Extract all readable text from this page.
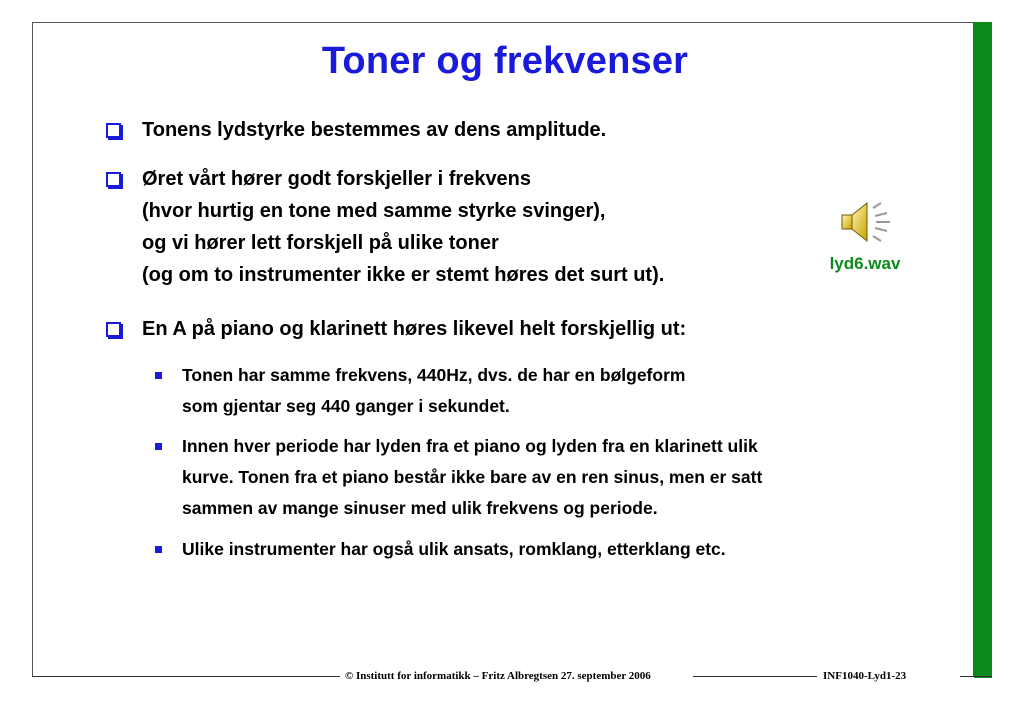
Toner og frekvenser
Tonens lydstyrke bestemmes av dens amplitude.
Øret vårt hører godt forskjeller i frekvens
(hvor hurtig en tone med samme styrke svinger),
og vi hører lett forskjell på ulike toner
(og om to instrumenter ikke er stemt høres det surt ut).
En A på piano og klarinett høres likevel helt forskjellig ut:
Tonen har samme frekvens, 440Hz, dvs. de har en bølgeform
som gjentar seg 440 ganger i sekundet.
Innen hver periode har lyden fra et piano og lyden fra en klarinett ulik
kurve. Tonen fra et piano består ikke bare av en ren sinus, men er satt
sammen av mange sinuser med ulik frekvens og periode.
Ulike instrumenter har også ulik ansats, romklang, etterklang etc.
lyd6.wav
© Institutt for informatikk – Fritz Albregtsen 27. september 2006	INF1040-Lyd1-23
